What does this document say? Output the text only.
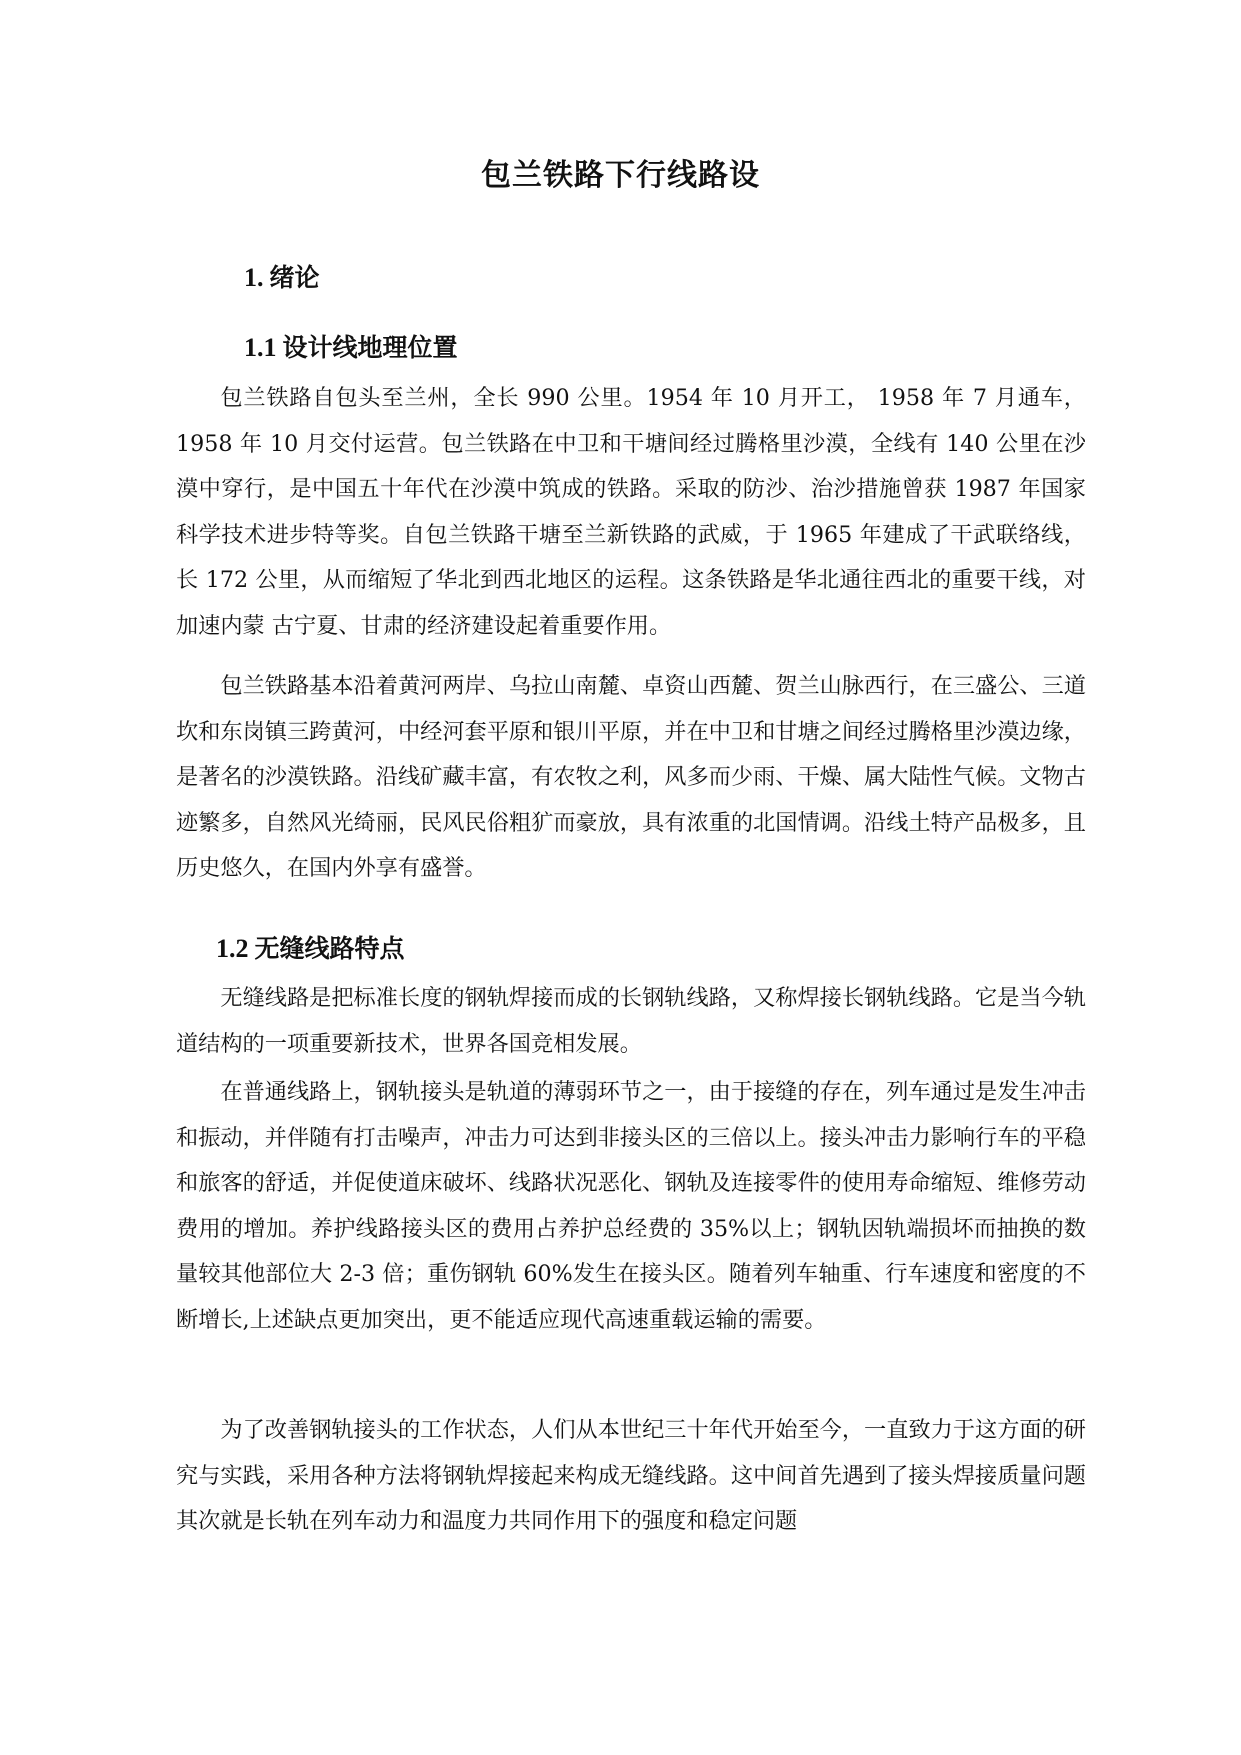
包兰铁路下行线路设
1. 绪论
1.1 设计线地理位置

包兰铁路自包头至兰州，全长 990 公里。1954 年 10 月开工， 1958 年 7 月通车，1958 年 10 月交付运营。包兰铁路在中卫和干塘间经过腾格里沙漠，全线有 140 公里在沙漠中穿行，是中国五十年代在沙漠中筑成的铁路。采取的防沙、治沙措施曾获 1987 年国家科学技术进步特等奖。自包兰铁路干塘至兰新铁路的武威，于 1965 年建成了干武联络线，长 172 公里，从而缩短了华北到西北地区的运程。这条铁路是华北通往西北的重要干线，对加速内蒙 古宁夏、甘肃的经济建设起着重要作用。

包兰铁路基本沿着黄河两岸、乌拉山南麓、卓资山西麓、贺兰山脉西行，在三盛公、三道坎和东岗镇三跨黄河，中经河套平原和银川平原，并在中卫和甘塘之间经过腾格里沙漠边缘，是著名的沙漠铁路。沿线矿藏丰富，有农牧之利，风多而少雨、干燥、属大陆性气候。文物古迹繁多，自然风光绮丽，民风民俗粗犷而豪放，具有浓重的北国情调。沿线土特产品极多，且历史悠久，在国内外享有盛誉。

1.2 无缝线路特点

无缝线路是把标准长度的钢轨焊接而成的长钢轨线路，又称焊接长钢轨线路。它是当今轨道结构的一项重要新技术，世界各国竞相发展。

在普通线路上，钢轨接头是轨道的薄弱环节之一，由于接缝的存在，列车通过是发生冲击和振动，并伴随有打击噪声，冲击力可达到非接头区的三倍以上。接头冲击力影响行车的平稳和旅客的舒适，并促使道床破坏、线路状况恶化、钢轨及连接零件的使用寿命缩短、维修劳动费用的增加。养护线路接头区的费用占养护总经费的 35%以上；钢轨因轨端损坏而抽换的数量较其他部位大 2-3 倍；重伤钢轨 60%发生在接头区。随着列车轴重、行车速度和密度的不断增长,上述缺点更加突出，更不能适应现代高速重载运输的需要。

为了改善钢轨接头的工作状态，人们从本世纪三十年代开始至今，一直致力于这方面的研究与实践，采用各种方法将钢轨焊接起来构成无缝线路。这中间首先遇到了接头焊接质量问题 其次就是长轨在列车动力和温度力共同作用下的强度和稳定问题
